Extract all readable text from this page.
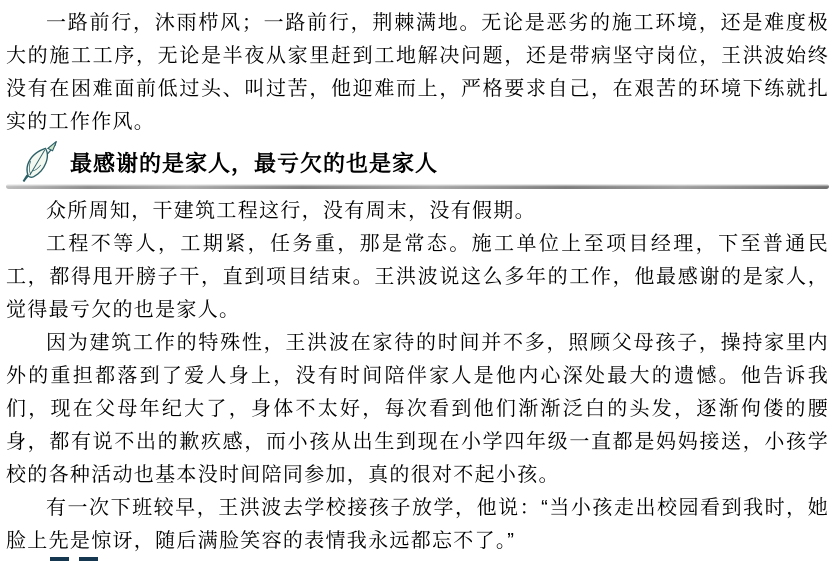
一路前行，沐雨栉风；一路前行，荆棘满地。无论是恶劣的施工环境，还是难度极大的施工工序，无论是半夜从家里赶到工地解决问题，还是带病坚守岗位，王洪波始终没有在困难面前低过头、叫过苦，他迎难而上，严格要求自己，在艰苦的环境下练就扎实的工作作风。

最感谢的是家人，最亏欠的也是家人

众所周知，干建筑工程这行，没有周末，没有假期。

工程不等人，工期紧，任务重，那是常态。施工单位上至项目经理，下至普通民工，都得甩开膀子干，直到项目结束。王洪波说这么多年的工作，他最感谢的是家人，觉得最亏欠的也是家人。

因为建筑工作的特殊性，王洪波在家待的时间并不多，照顾父母孩子，操持家里内外的重担都落到了爱人身上，没有时间陪伴家人是他内心深处最大的遗憾。他告诉我们，现在父母年纪大了，身体不太好，每次看到他们渐渐泛白的头发，逐渐佝偻的腰身，都有说不出的歉疚感，而小孩从出生到现在小学四年级一直都是妈妈接送，小孩学校的各种活动也基本没时间陪同参加，真的很对不起小孩。

有一次下班较早，王洪波去学校接孩子放学，他说：“当小孩走出校园看到我时，她脸上先是惊讶，随后满脸笑容的表情我永远都忘不了。”
